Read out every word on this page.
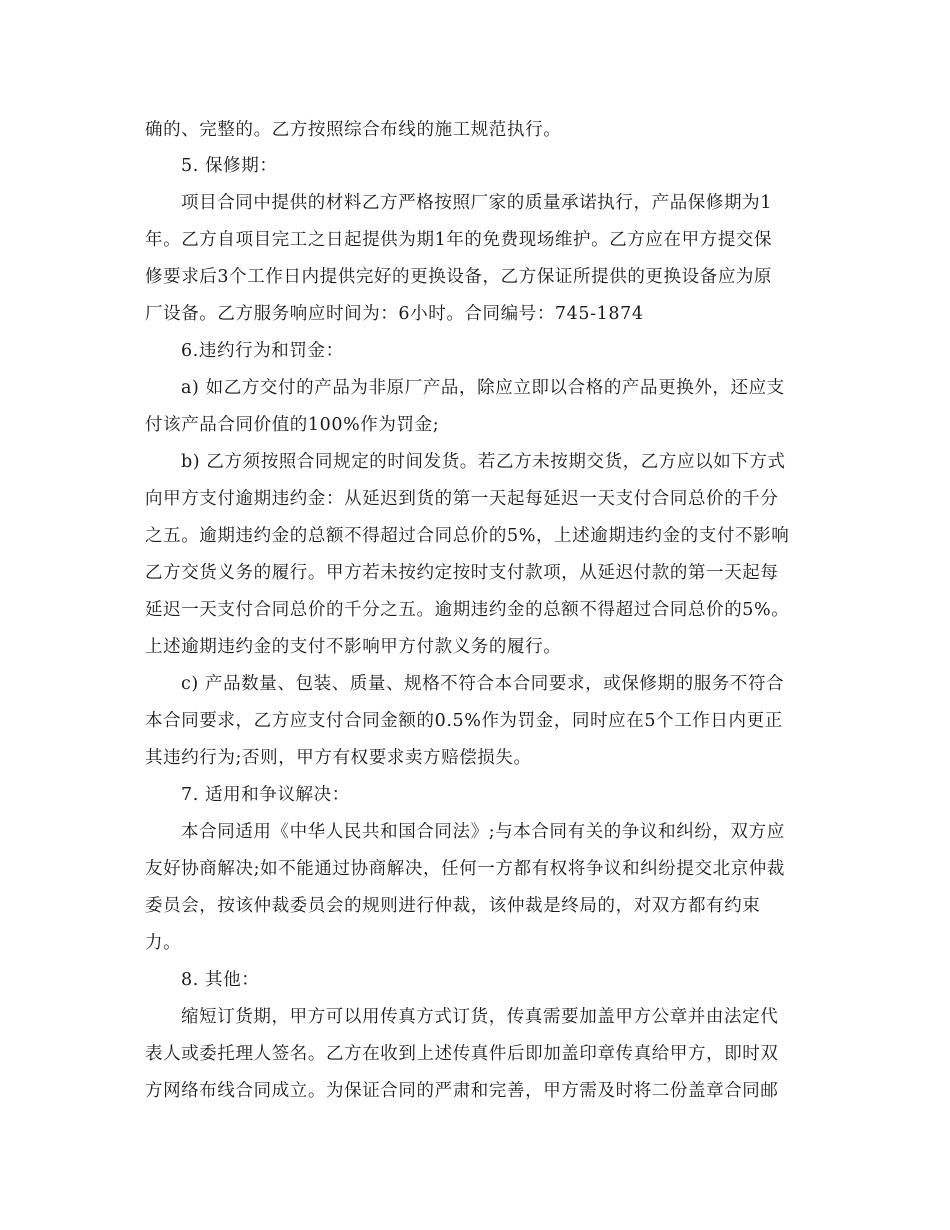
确的、完整的。乙方按照综合布线的施工规范执行。
5. 保修期：
项目合同中提供的材料乙方严格按照厂家的质量承诺执行，产品保修期为1
年。乙方自项目完工之日起提供为期1年的免费现场维护。乙方应在甲方提交保
修要求后3个工作日内提供完好的更换设备，乙方保证所提供的更换设备应为原
厂设备。乙方服务响应时间为：6小时。合同编号：745-1874
6.违约行为和罚金：
a) 如乙方交付的产品为非原厂产品，除应立即以合格的产品更换外，还应支
付该产品合同价值的100%作为罚金;
b) 乙方须按照合同规定的时间发货。若乙方未按期交货，乙方应以如下方式
向甲方支付逾期违约金：从延迟到货的第一天起每延迟一天支付合同总价的千分
之五。逾期违约金的总额不得超过合同总价的5%，上述逾期违约金的支付不影响
乙方交货义务的履行。甲方若未按约定按时支付款项，从延迟付款的第一天起每
延迟一天支付合同总价的千分之五。逾期违约金的总额不得超过合同总价的5%。
上述逾期违约金的支付不影响甲方付款义务的履行。
c) 产品数量、包装、质量、规格不符合本合同要求，或保修期的服务不符合
本合同要求，乙方应支付合同金额的0.5%作为罚金，同时应在5个工作日内更正
其违约行为;否则，甲方有权要求卖方赔偿损失。
7. 适用和争议解决：
本合同适用《中华人民共和国合同法》;与本合同有关的争议和纠纷，双方应
友好协商解决;如不能通过协商解决，任何一方都有权将争议和纠纷提交北京仲裁
委员会，按该仲裁委员会的规则进行仲裁，该仲裁是终局的，对双方都有约束
力。
8. 其他：
缩短订货期，甲方可以用传真方式订货，传真需要加盖甲方公章并由法定代
表人或委托理人签名。乙方在收到上述传真件后即加盖印章传真给甲方，即时双
方网络布线合同成立。为保证合同的严肃和完善，甲方需及时将二份盖章合同邮
